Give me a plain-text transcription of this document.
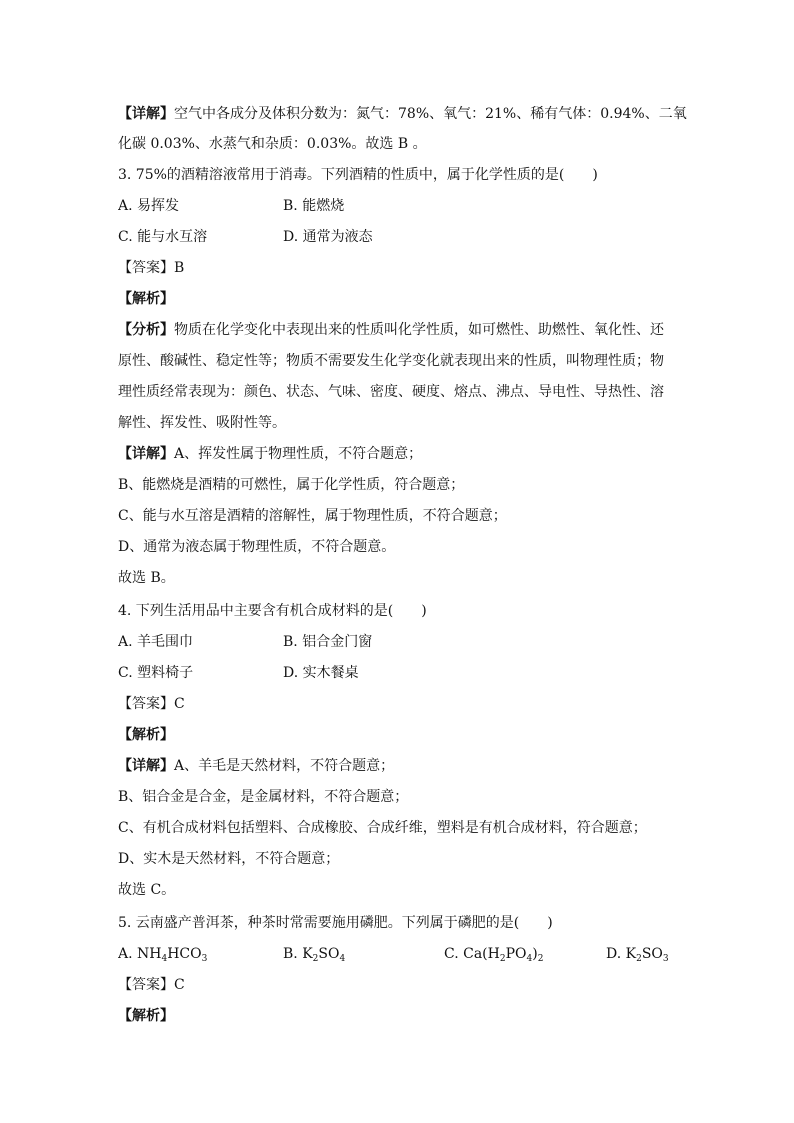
【详解】空气中各成分及体积分数为：氮气：78%、氧气：21%、稀有气体：0.94%、二氧
化碳 0.03%、水蒸气和杂质：0.03%。故选 B 。
3. 75%的酒精溶液常用于消毒。下列酒精的性质中，属于化学性质的是(　　)
A. 易挥发	B. 能燃烧
C. 能与水互溶	D. 通常为液态
【答案】B
【解析】
【分析】物质在化学变化中表现出来的性质叫化学性质，如可燃性、助燃性、氧化性、还
原性、酸碱性、稳定性等；物质不需要发生化学变化就表现出来的性质，叫物理性质；物
理性质经常表现为：颜色、状态、气味、密度、硬度、熔点、沸点、导电性、导热性、溶
解性、挥发性、吸附性等。
【详解】A、挥发性属于物理性质，不符合题意；
B、能燃烧是酒精的可燃性，属于化学性质，符合题意；
C、能与水互溶是酒精的溶解性，属于物理性质，不符合题意；
D、通常为液态属于物理性质，不符合题意。
故选 B。
4. 下列生活用品中主要含有机合成材料的是(　　)
A. 羊毛围巾	B. 铝合金门窗
C. 塑料椅子	D. 实木餐桌
【答案】C
【解析】
【详解】A、羊毛是天然材料，不符合题意；
B、铝合金是合金，是金属材料，不符合题意；
C、有机合成材料包括塑料、合成橡胶、合成纤维，塑料是有机合成材料，符合题意；
D、实木是天然材料，不符合题意；
故选 C。
5. 云南盛产普洱茶，种茶时常需要施用磷肥。下列属于磷肥的是(　　)
A. $NH_4HCO_3$	B. $K_2SO_4$	C. $Ca(H_2PO_4)_2$	D. $K_2SO_3$
【答案】C
【解析】
